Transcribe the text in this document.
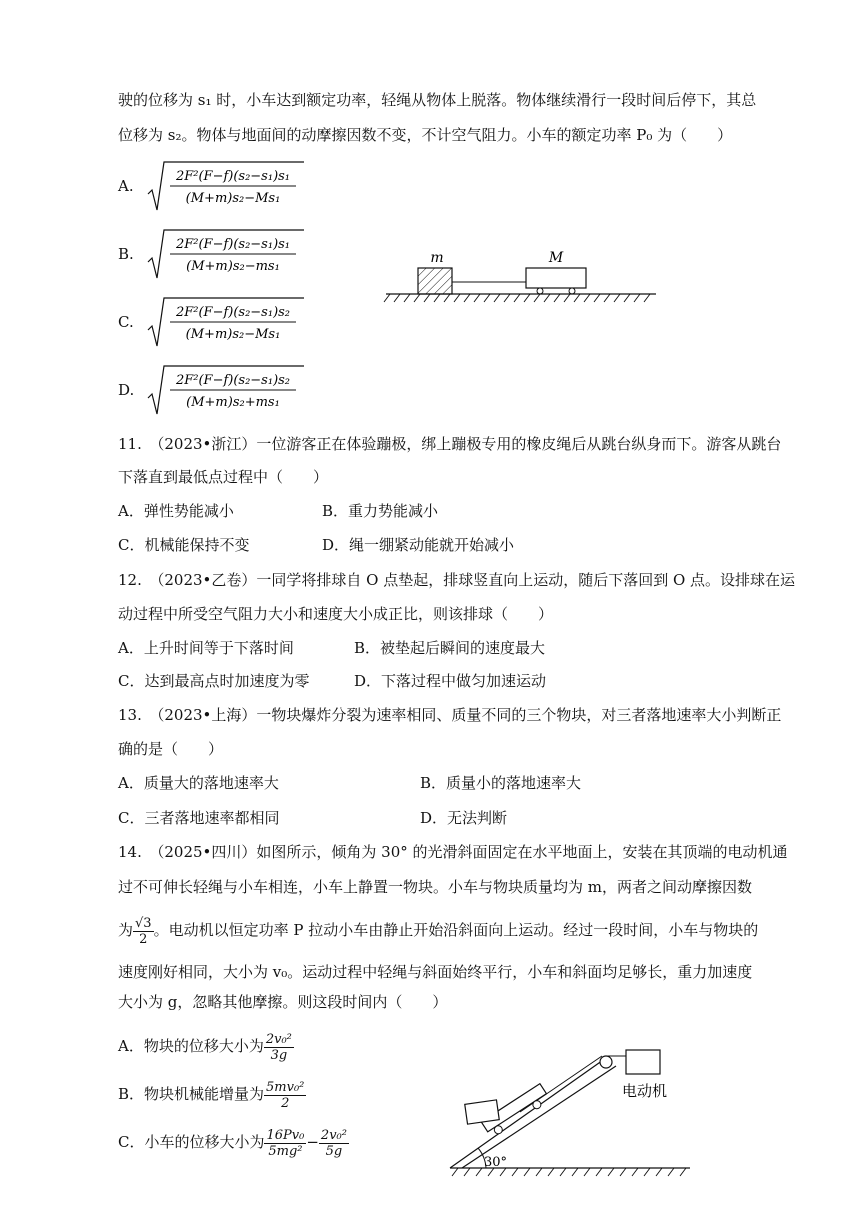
驶的位移为 s₁ 时，小车达到额定功率，轻绳从物体上脱落。物体继续滑行一段时间后停下，其总
位移为 s₂。物体与地面间的动摩擦因数不变，不计空气阻力。小车的额定功率 P₀ 为（　　）
A.
2F²(F−f)(s₂−s₁)s₁
(M+m)s₂−Ms₁
B.
2F²(F−f)(s₂−s₁)s₁
(M+m)s₂−ms₁
C.
2F²(F−f)(s₂−s₁)s₂
(M+m)s₂−Ms₁
D.
2F²(F−f)(s₂−s₁)s₂
(M+m)s₂+ms₁
m	M
11.　（2023•浙江）一位游客正在体验蹦极，绑上蹦极专用的橡皮绳后从跳台纵身而下。游客从跳台
下落直到最低点过程中（　　）
A．弹性势能减小	B．重力势能减小
C．机械能保持不变	D．绳一绷紧动能就开始减小
12.　（2023•乙卷）一同学将排球自 O 点垫起，排球竖直向上运动，随后下落回到 O 点。设排球在运
动过程中所受空气阻力大小和速度大小成正比，则该排球（　　）
A．上升时间等于下落时间	B．被垫起后瞬间的速度最大
C．达到最高点时加速度为零	D．下落过程中做匀加速运动
13.　（2023•上海）一物块爆炸分裂为速率相同、质量不同的三个物块，对三者落地速率大小判断正
确的是（　　）
A．质量大的落地速率大	B．质量小的落地速率大
C．三者落地速率都相同	D．无法判断
14.　（2025•四川）如图所示，倾角为 30° 的光滑斜面固定在水平地面上，安装在其顶端的电动机通
过不可伸长轻绳与小车相连，小车上静置一物块。小车与物块质量均为 m，两者之间动摩擦因数
为 $\frac{√3}{2}$ 。电动机以恒定功率 P 拉动小车由静止开始沿斜面向上运动。经过一段时间，小车与物块的
速度刚好相同，大小为 v₀。运动过程中轻绳与斜面始终平行，小车和斜面均足够长，重力加速度
大小为 g，忽略其他摩擦。则这段时间内（　　）
A．物块的位移大小为 $\frac{\text{2v₀²}}{3g}$
B．物块机械能增量为 $\frac{\text{5mv₀²}}{2}$
C．小车的位移大小为 $\frac{\text{16Pv₀}}{\text{5mg²}} - \frac{\text{2v₀²}}{5g}$
30°
电动机
